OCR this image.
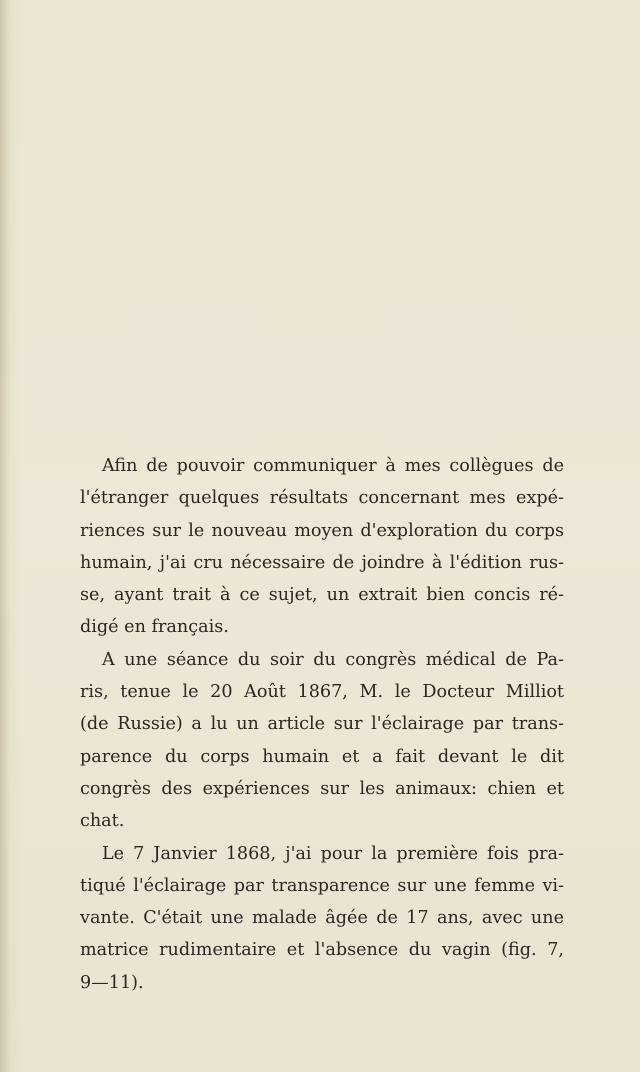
Afin de pouvoir communiquer à mes collègues de
l'étranger quelques résultats concernant mes expé-
riences sur le nouveau moyen d'exploration du corps
humain, j'ai cru nécessaire de joindre à l'édition rus-
se, ayant trait à ce sujet, un extrait bien concis ré-
digé en français.
A une séance du soir du congrès médical de Pa-
ris, tenue le 20 Août 1867, M. le Docteur Milliot
(de Russie) a lu un article sur l'éclairage par trans-
parence du corps humain et a fait devant le dit
congrès des expériences sur les animaux: chien et
chat.
Le 7 Janvier 1868, j'ai pour la première fois pra-
tiqué l'éclairage par transparence sur une femme vi-
vante. C'était une malade âgée de 17 ans, avec une
matrice rudimentaire et l'absence du vagin (fig. 7,
9—11).
